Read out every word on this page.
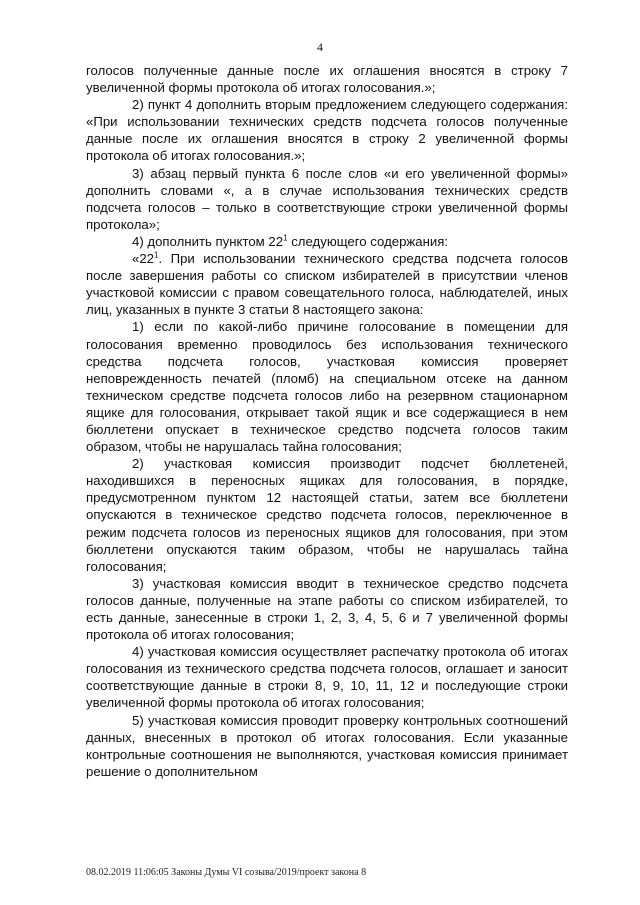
4

голосов полученные данные после их оглашения вносятся в строку 7 увеличенной формы протокола об итогах голосования.»;

2) пункт 4 дополнить вторым предложением следующего содержания: «При использовании технических средств подсчета голосов полученные данные после их оглашения вносятся в строку 2 увеличенной формы протокола об итогах голосования.»;

3) абзац первый пункта 6 после слов «и его увеличенной формы» дополнить словами «, а в случае использования технических средств подсчета голосов – только в соответствующие строки увеличенной формы протокола»;

4) дополнить пунктом $22^1$ следующего содержания:

«$22^1$. При использовании технического средства подсчета голосов после завершения работы со списком избирателей в присутствии членов участковой комиссии с правом совещательного голоса, наблюдателей, иных лиц, указанных в пункте 3 статьи 8 настоящего закона:

1) если по какой-либо причине голосование в помещении для голосования временно проводилось без использования технического средства подсчета голосов, участковая комиссия проверяет неповрежденность печатей (пломб) на специальном отсеке на данном техническом средстве подсчета голосов либо на резервном стационарном ящике для голосования, открывает такой ящик и все содержащиеся в нем бюллетени опускает в техническое средство подсчета голосов таким образом, чтобы не нарушалась тайна голосования;

2) участковая комиссия производит подсчет бюллетеней, находившихся в переносных ящиках для голосования, в порядке, предусмотренном пунктом 12 настоящей статьи, затем все бюллетени опускаются в техническое средство подсчета голосов, переключенное в режим подсчета голосов из переносных ящиков для голосования, при этом бюллетени опускаются таким образом, чтобы не нарушалась тайна голосования;

3) участковая комиссия вводит в техническое средство подсчета голосов данные, полученные на этапе работы со списком избирателей, то есть данные, занесенные в строки 1, 2, 3, 4, 5, 6 и 7 увеличенной формы протокола об итогах голосования;

4) участковая комиссия осуществляет распечатку протокола об итогах голосования из технического средства подсчета голосов, оглашает и заносит соответствующие данные в строки 8, 9, 10, 11, 12 и последующие строки увеличенной формы протокола об итогах голосования;

5) участковая комиссия проводит проверку контрольных соотношений данных, внесенных в протокол об итогах голосования. Если указанные контрольные соотношения не выполняются, участковая комиссия принимает решение о дополнительном

08.02.2019 11:06:05 Законы Думы VI созыва/2019/проект закона 8
